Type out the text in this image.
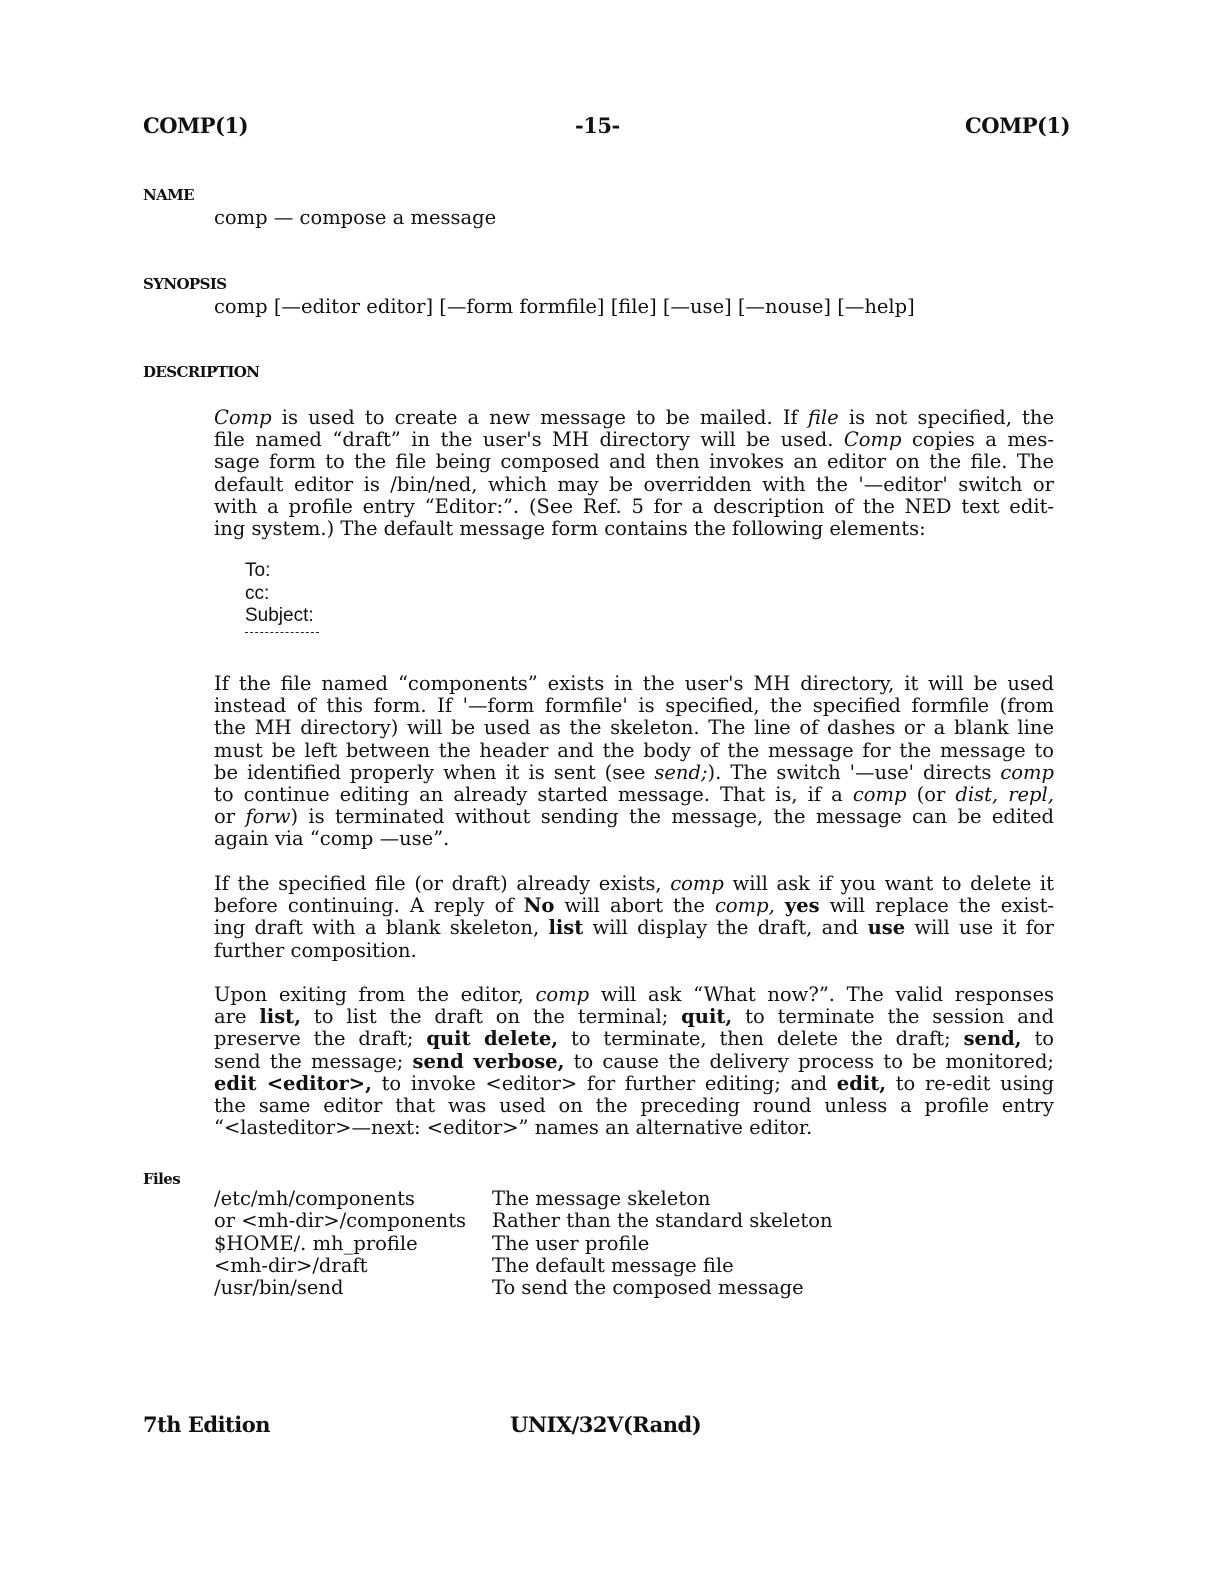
COMP(1)	-15-	COMP(1)
NAME
comp — compose a message
SYNOPSIS
comp [—editor editor] [—form formfile] [file] [—use] [—nouse] [—help]
DESCRIPTION
Comp is used to create a new message to be mailed. If file is not specified, the
file named “draft” in the user's MH directory will be used. Comp copies a mes-
sage form to the file being composed and then invokes an editor on the file. The
default editor is /bin/ned, which may be overridden with the '—editor' switch or
with a profile entry “Editor:”. (See Ref. 5 for a description of the NED text edit-
ing system.) The default message form contains the following elements:
To:
cc:
Subject:
If the file named “components” exists in the user's MH directory, it will be used
instead of this form. If '—form formfile' is specified, the specified formfile (from
the MH directory) will be used as the skeleton. The line of dashes or a blank line
must be left between the header and the body of the message for the message to
be identified properly when it is sent (see send;). The switch '—use' directs comp
to continue editing an already started message. That is, if a comp (or dist, repl,
or forw) is terminated without sending the message, the message can be edited
again via “comp —use”.
If the specified file (or draft) already exists, comp will ask if you want to delete it
before continuing. A reply of No will abort the comp, yes will replace the exist-
ing draft with a blank skeleton, list will display the draft, and use will use it for
further composition.
Upon exiting from the editor, comp will ask “What now?”. The valid responses
are list, to list the draft on the terminal; quit, to terminate the session and
preserve the draft; quit delete, to terminate, then delete the draft; send, to
send the message; send verbose, to cause the delivery process to be monitored;
edit <editor>, to invoke <editor> for further editing; and edit, to re-edit using
the same editor that was used on the preceding round unless a profile entry
“<lasteditor>—next: <editor>” names an alternative editor.
Files
/etc/mh/components	The message skeleton
or <mh-dir>/components	Rather than the standard skeleton
$HOME/. mh_profile	The user profile
<mh-dir>/draft	The default message file
/usr/bin/send	To send the composed message
7th Edition	UNIX/32V(Rand)
